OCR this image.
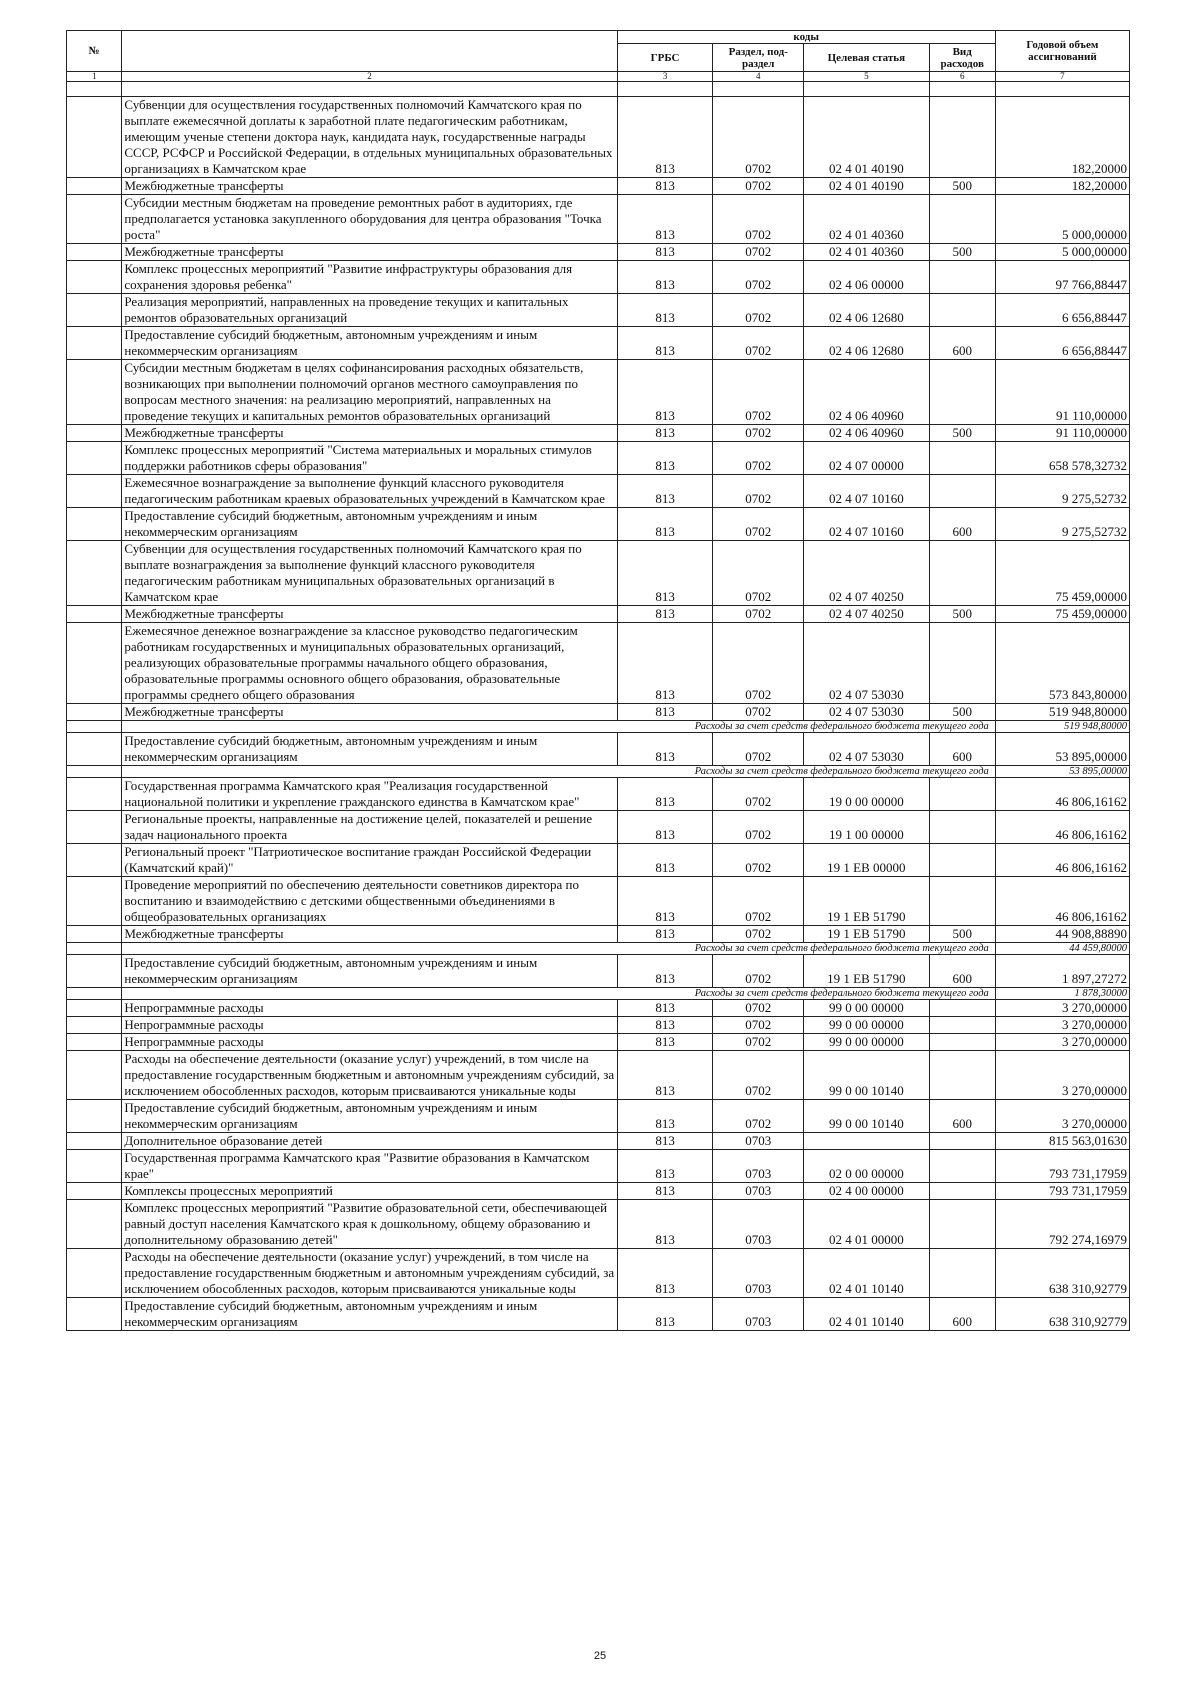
№		коды				Годовой объем ассигнований
		ГРБС	Раздел, под-раздел	Целевая статья	Вид расходов	
1	2	3	4	5	6	7

	Субвенции для осуществления государственных полномочий Камчатского края по выплате ежемесячной доплаты к заработной плате педагогическим работникам, имеющим ученые степени доктора наук, кандидата наук, государственные награды СССР, РСФСР и Российской Федерации, в отдельных муниципальных образовательных организациях в Камчатском крае	813	0702	02 4 01 40190		182,20000
	Межбюджетные трансферты	813	0702	02 4 01 40190	500	182,20000
	Субсидии местным бюджетам на проведение ремонтных работ в аудиториях, где предполагается установка закупленного оборудования для центра образования "Точка роста"	813	0702	02 4 01 40360		5 000,00000
	Межбюджетные трансферты	813	0702	02 4 01 40360	500	5 000,00000
	Комплекс процессных мероприятий "Развитие инфраструктуры образования для сохранения здоровья ребенка"	813	0702	02 4 06 00000		97 766,88447
	Реализация мероприятий, направленных на проведение текущих и капитальных ремонтов образовательных организаций	813	0702	02 4 06 12680		6 656,88447
	Предоставление субсидий бюджетным, автономным учреждениям и иным некоммерческим организациям	813	0702	02 4 06 12680	600	6 656,88447
	Субсидии местным бюджетам в целях софинансирования расходных обязательств, возникающих при выполнении полномочий органов местного самоуправления по вопросам местного значения: на реализацию мероприятий, направленных на проведение текущих и капитальных ремонтов образовательных организаций	813	0702	02 4 06 40960		91 110,00000
	Межбюджетные трансферты	813	0702	02 4 06 40960	500	91 110,00000
	Комплекс процессных мероприятий "Система материальных и моральных стимулов поддержки работников сферы образования"	813	0702	02 4 07 00000		658 578,32732
	Ежемесячное вознаграждение за выполнение функций классного руководителя педагогическим работникам краевых образовательных учреждений в Камчатском крае	813	0702	02 4 07 10160		9 275,52732
	Предоставление субсидий бюджетным, автономным учреждениям и иным некоммерческим организациям	813	0702	02 4 07 10160	600	9 275,52732
	Субвенции для осуществления государственных полномочий Камчатского края по выплате вознаграждения за выполнение функций классного руководителя педагогическим работникам муниципальных образовательных организаций в Камчатском крае	813	0702	02 4 07 40250		75 459,00000
	Межбюджетные трансферты	813	0702	02 4 07 40250	500	75 459,00000
	Ежемесячное денежное вознаграждение за классное руководство педагогическим работникам государственных и муниципальных образовательных организаций, реализующих образовательные программы начального общего образования, образовательные программы основного общего образования, образовательные программы среднего общего образования	813	0702	02 4 07 53030		573 843,80000
	Межбюджетные трансферты	813	0702	02 4 07 53030	500	519 948,80000
	Расходы за счет средств федерального бюджета текущего года					519 948,80000
	Предоставление субсидий бюджетным, автономным учреждениям и иным некоммерческим организациям	813	0702	02 4 07 53030	600	53 895,00000
	Расходы за счет средств федерального бюджета текущего года					53 895,00000
	Государственная программа Камчатского края "Реализация государственной национальной политики и укрепление гражданского единства в Камчатском крае"	813	0702	19 0 00 00000		46 806,16162
	Региональные проекты, направленные на достижение целей, показателей и решение задач национального проекта	813	0702	19 1 00 00000		46 806,16162
	Региональный проект "Патриотическое воспитание граждан Российской Федерации (Камчатский край)"	813	0702	19 1 ЕВ 00000		46 806,16162
	Проведение мероприятий по обеспечению деятельности советников директора по воспитанию и взаимодействию с детскими общественными объединениями в общеобразовательных организациях	813	0702	19 1 ЕВ 51790		46 806,16162
	Межбюджетные трансферты	813	0702	19 1 ЕВ 51790	500	44 908,88890
	Расходы за счет средств федерального бюджета текущего года					44 459,80000
	Предоставление субсидий бюджетным, автономным учреждениям и иным некоммерческим организациям	813	0702	19 1 ЕВ 51790	600	1 897,27272
	Расходы за счет средств федерального бюджета текущего года					1 878,30000
	Непрограммные расходы	813	0702	99 0 00 00000		3 270,00000
	Непрограммные расходы	813	0702	99 0 00 00000		3 270,00000
	Непрограммные расходы	813	0702	99 0 00 00000		3 270,00000
	Расходы на обеспечение деятельности (оказание услуг) учреждений, в том числе на предоставление государственным бюджетным и автономным учреждениям субсидий, за исключением обособленных расходов, которым присваиваются уникальные коды	813	0702	99 0 00 10140		3 270,00000
	Предоставление субсидий бюджетным, автономным учреждениям и иным некоммерческим организациям	813	0702	99 0 00 10140	600	3 270,00000
	Дополнительное образование детей	813	0703			815 563,01630
	Государственная программа Камчатского края "Развитие образования в Камчатском крае"	813	0703	02 0 00 00000		793 731,17959
	Комплексы процессных мероприятий	813	0703	02 4 00 00000		793 731,17959
	Комплекс процессных мероприятий "Развитие образовательной сети, обеспечивающей равный доступ населения Камчатского края к дошкольному, общему образованию и дополнительному образованию детей"	813	0703	02 4 01 00000		792 274,16979
	Расходы на обеспечение деятельности (оказание услуг) учреждений, в том числе на предоставление государственным бюджетным и автономным учреждениям субсидий, за исключением обособленных расходов, которым присваиваются уникальные коды	813	0703	02 4 01 10140		638 310,92779
	Предоставление субсидий бюджетным, автономным учреждениям и иным некоммерческим организациям	813	0703	02 4 01 10140	600	638 310,92779
25
